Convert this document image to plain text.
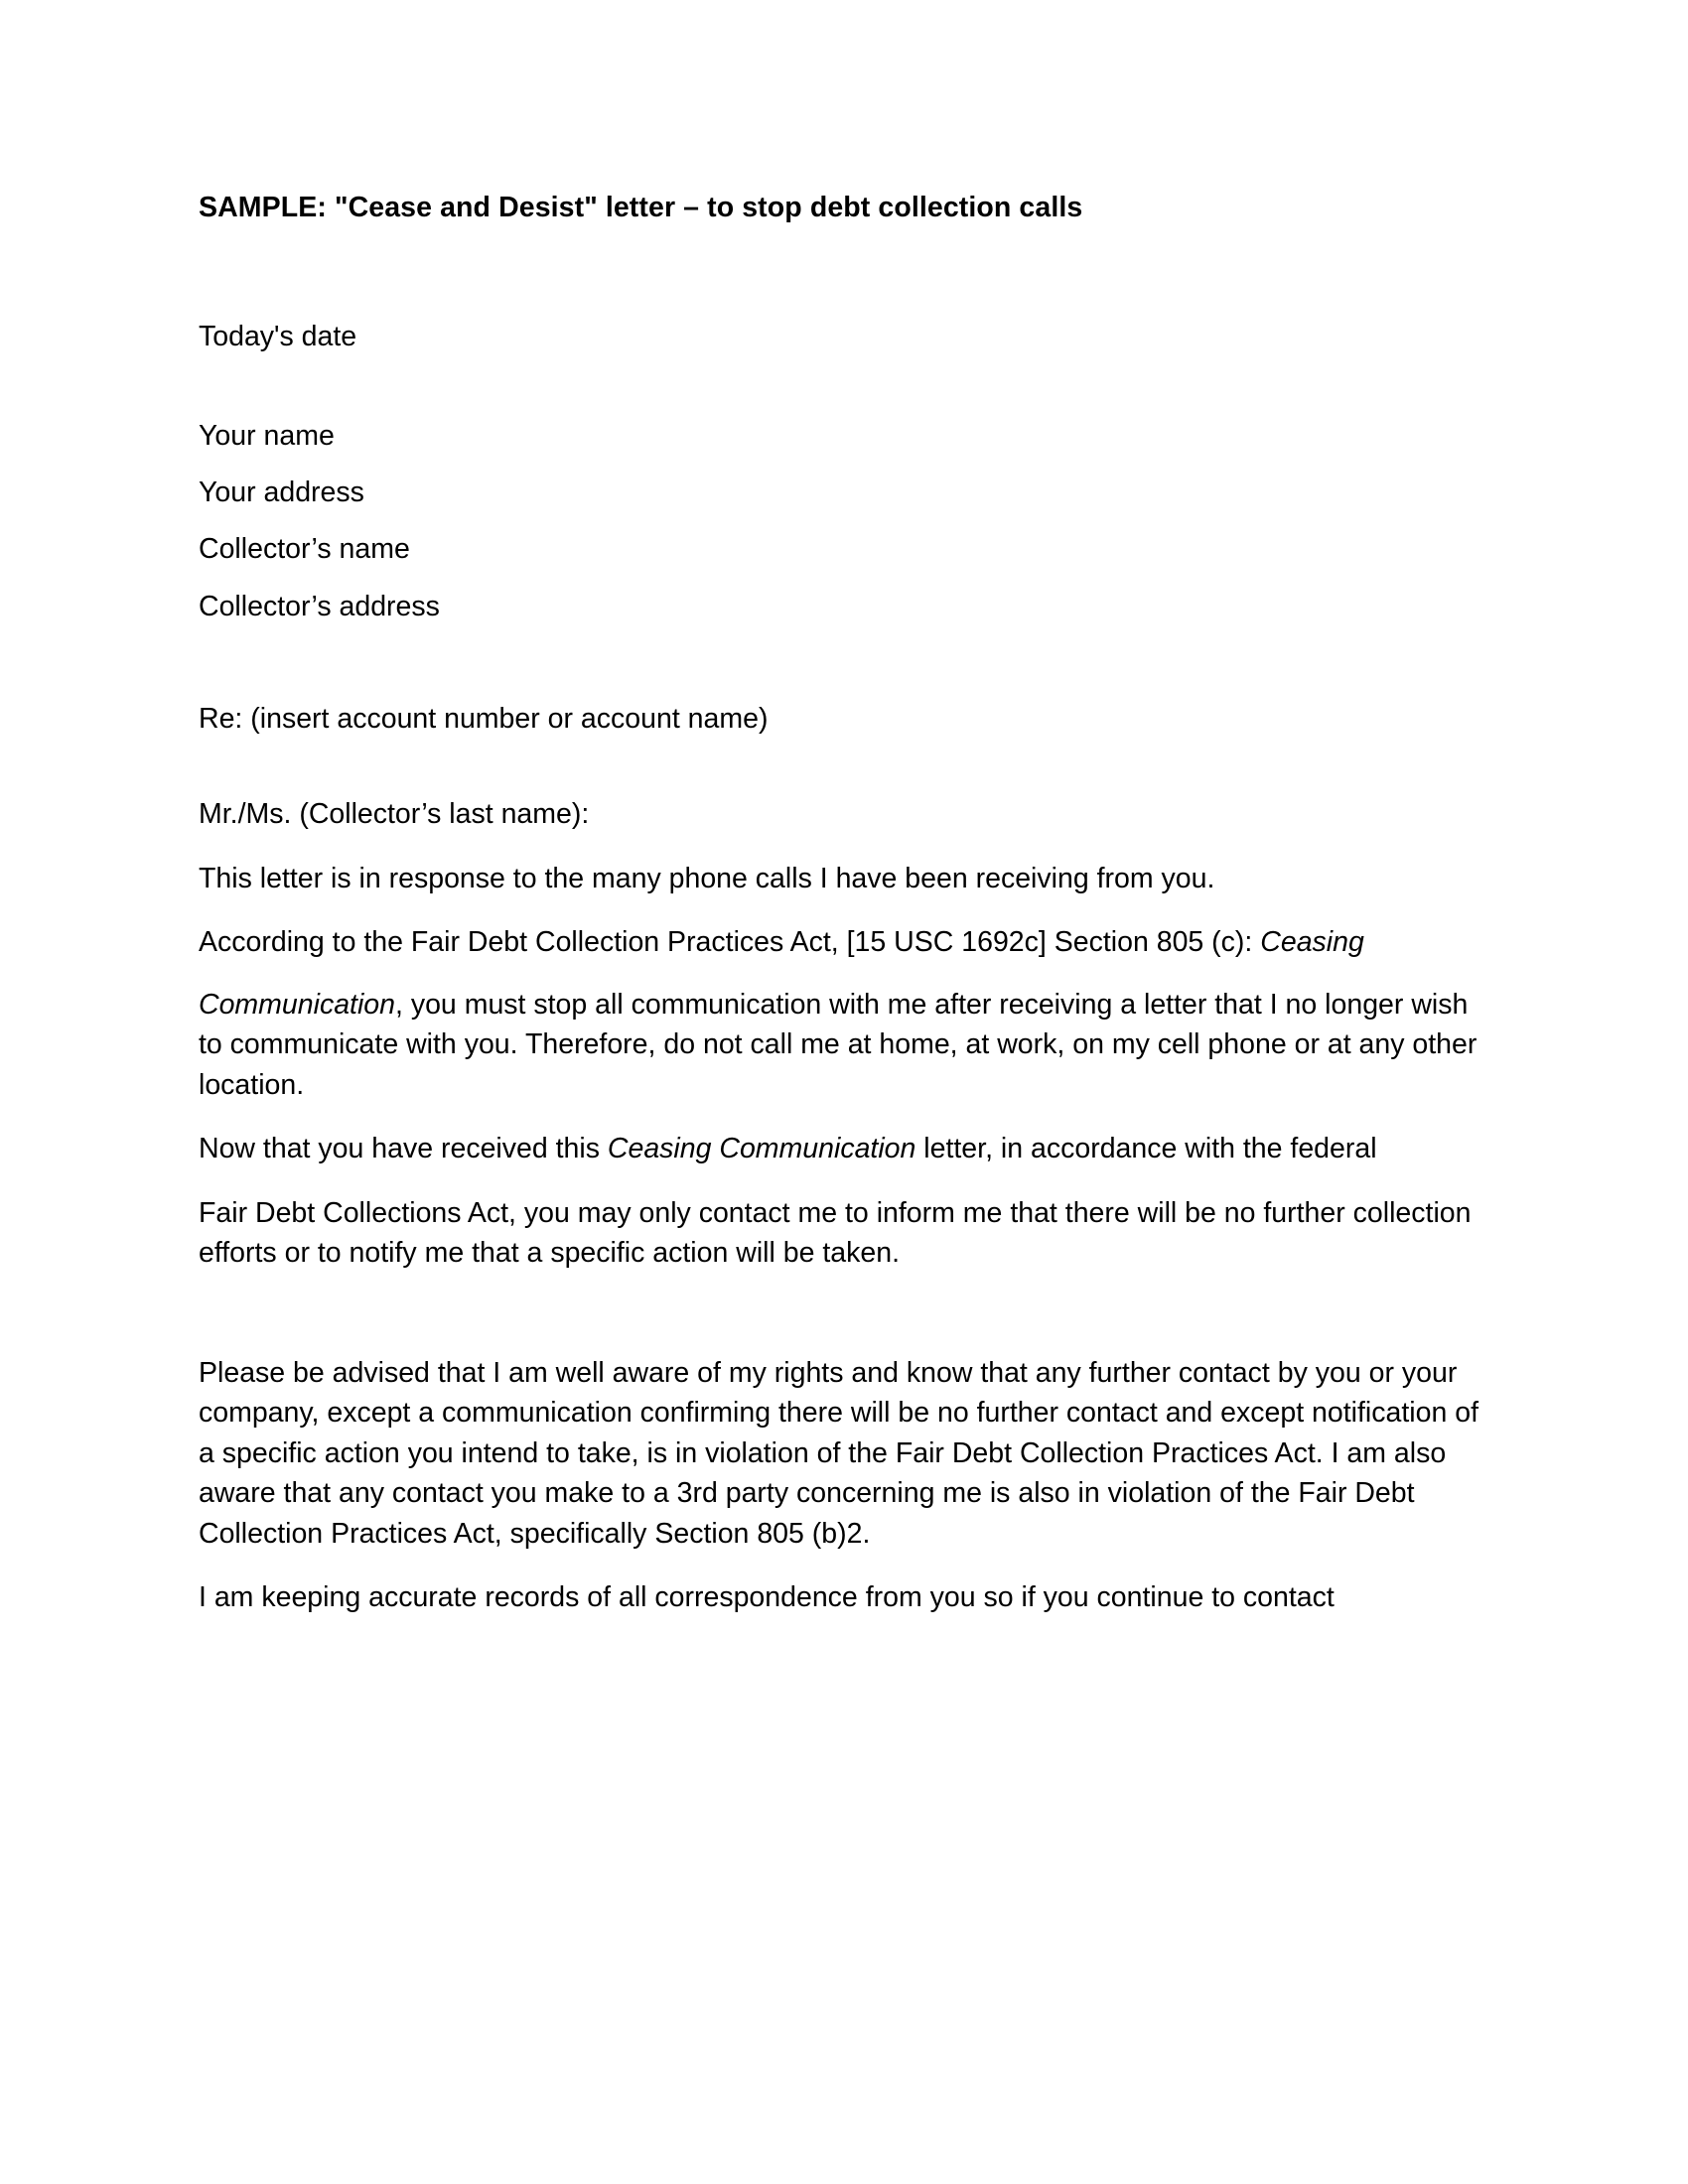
SAMPLE: "Cease and Desist" letter – to stop debt collection calls

Today's date

Your name

Your address

Collector’s name

Collector’s address

Re: (insert account number or account name)

Mr./Ms. (Collector’s last name):

This letter is in response to the many phone calls I have been receiving from you.

According to the Fair Debt Collection Practices Act, [15 USC 1692c] Section 805 (c): Ceasing

Communication, you must stop all communication with me after receiving a letter that I no longer wish to communicate with you. Therefore, do not call me at home, at work, on my cell phone or at any other location.

Now that you have received this Ceasing Communication letter, in accordance with the federal

Fair Debt Collections Act, you may only contact me to inform me that there will be no further collection efforts or to notify me that a specific action will be taken.

Please be advised that I am well aware of my rights and know that any further contact by you or your company, except a communication confirming there will be no further contact and except notification of a specific action you intend to take, is in violation of the Fair Debt Collection Practices Act. I am also aware that any contact you make to a 3rd party concerning me is also in violation of the Fair Debt Collection Practices Act, specifically Section 805 (b)2.

I am keeping accurate records of all correspondence from you so if you continue to contact
